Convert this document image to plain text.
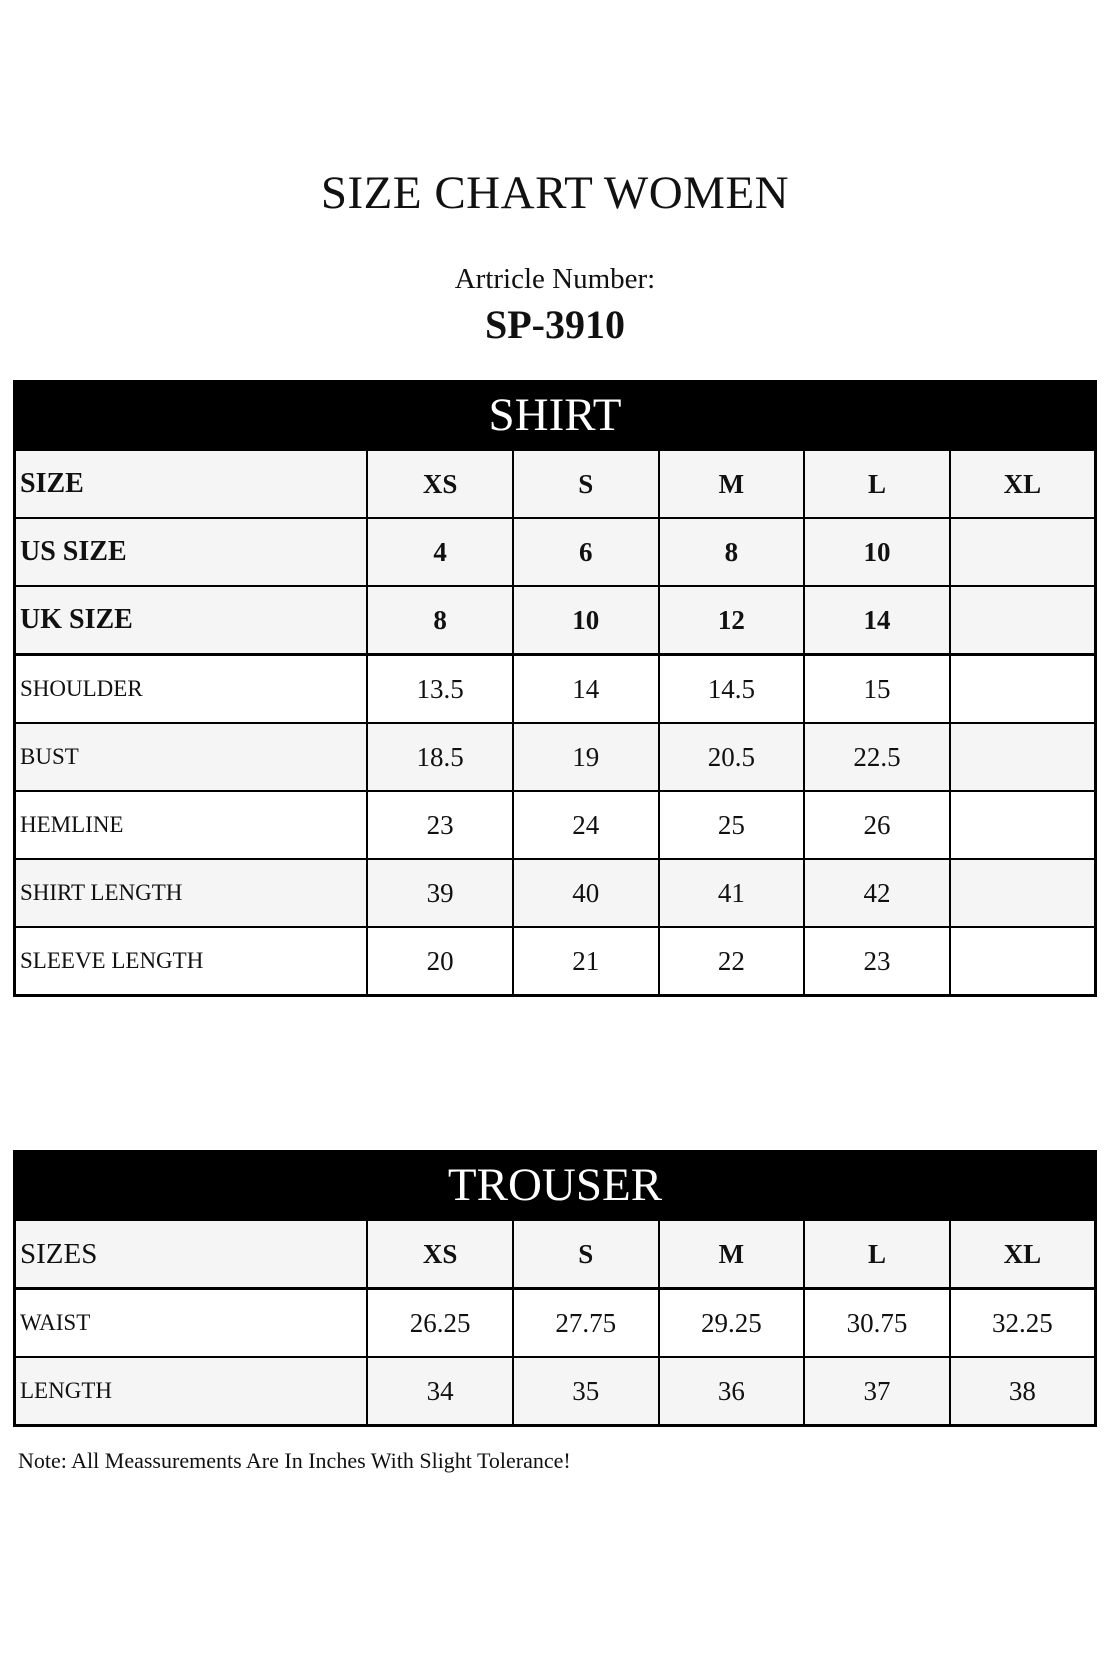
SIZE CHART WOMEN
Artricle Number:
SP-3910
SHIRT					
SIZE	XS	S	M	L	XL
US SIZE	4	6	8	10	
UK SIZE	8	10	12	14	
SHOULDER	13.5	14	14.5	15	
BUST	18.5	19	20.5	22.5	
HEMLINE	23	24	25	26	
SHIRT LENGTH	39	40	41	42	
SLEEVE LENGTH	20	21	22	23	
TROUSER					
SIZES	XS	S	M	L	XL
WAIST	26.25	27.75	29.25	30.75	32.25
LENGTH	34	35	36	37	38
Note: All Meassurements Are In Inches With Slight Tolerance!
